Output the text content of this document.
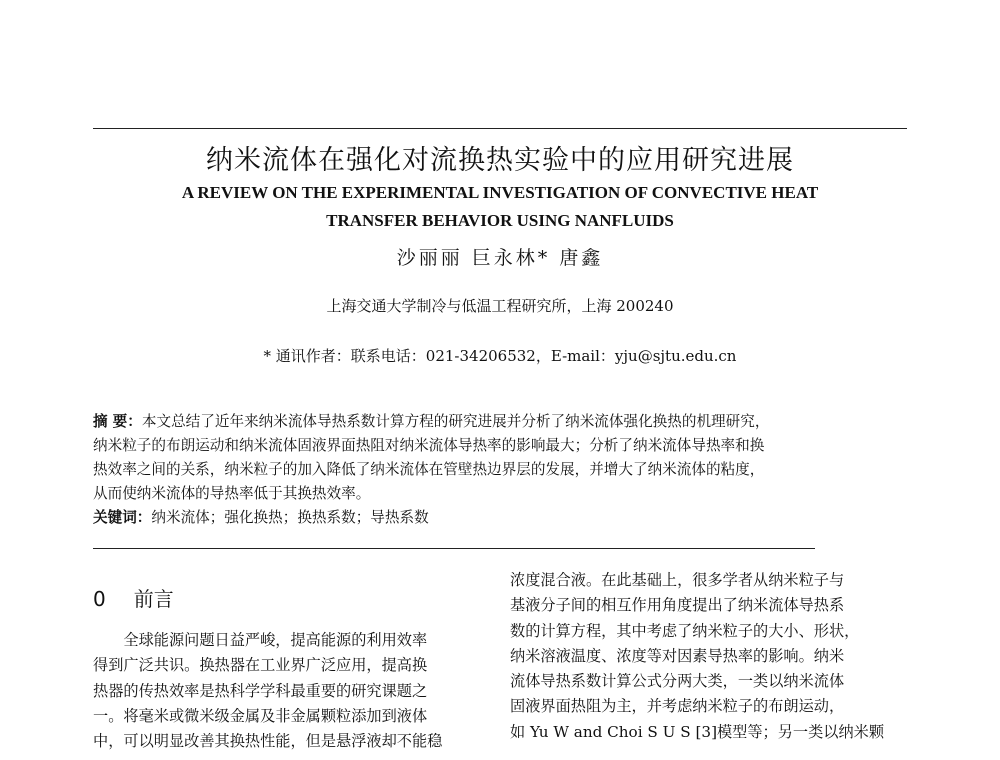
纳米流体在强化对流换热实验中的应用研究进展
A REVIEW ON THE EXPERIMENTAL INVESTIGATION OF CONVECTIVE HEAT
TRANSFER BEHAVIOR USING NANFLUIDS
沙丽丽 巨永林* 唐鑫
上海交通大学制冷与低温工程研究所，上海 200240
* 通讯作者：联系电话：021-34206532，E-mail：yju@sjtu.edu.cn
摘 要：本文总结了近年来纳米流体导热系数计算方程的研究进展并分析了纳米流体强化换热的机理研究，
纳米粒子的布朗运动和纳米流体固液界面热阻对纳米流体导热率的影响最大；分析了纳米流体导热率和换
热效率之间的关系，纳米粒子的加入降低了纳米流体在管壁热边界层的发展，并增大了纳米流体的粘度，
从而使纳米流体的导热率低于其换热效率。
关键词：纳米流体；强化换热；换热系数；导热系数
0 前言
　　全球能源问题日益严峻，提高能源的利用效率
得到广泛共识。换热器在工业界广泛应用，提高换
热器的传热效率是热科学学科最重要的研究课题之
一。将毫米或微米级金属及非金属颗粒添加到液体
中，可以明显改善其换热性能，但是悬浮液却不能稳
浓度混合液。在此基础上，很多学者从纳米粒子与
基液分子间的相互作用角度提出了纳米流体导热系
数的计算方程，其中考虑了纳米粒子的大小、形状，
纳米溶液温度、浓度等对因素导热率的影响。纳米
流体导热系数计算公式分两大类，一类以纳米流体
固液界面热阻为主，并考虑纳米粒子的布朗运动，
如 Yu W and Choi S U S [3]模型等；另一类以纳米颗
